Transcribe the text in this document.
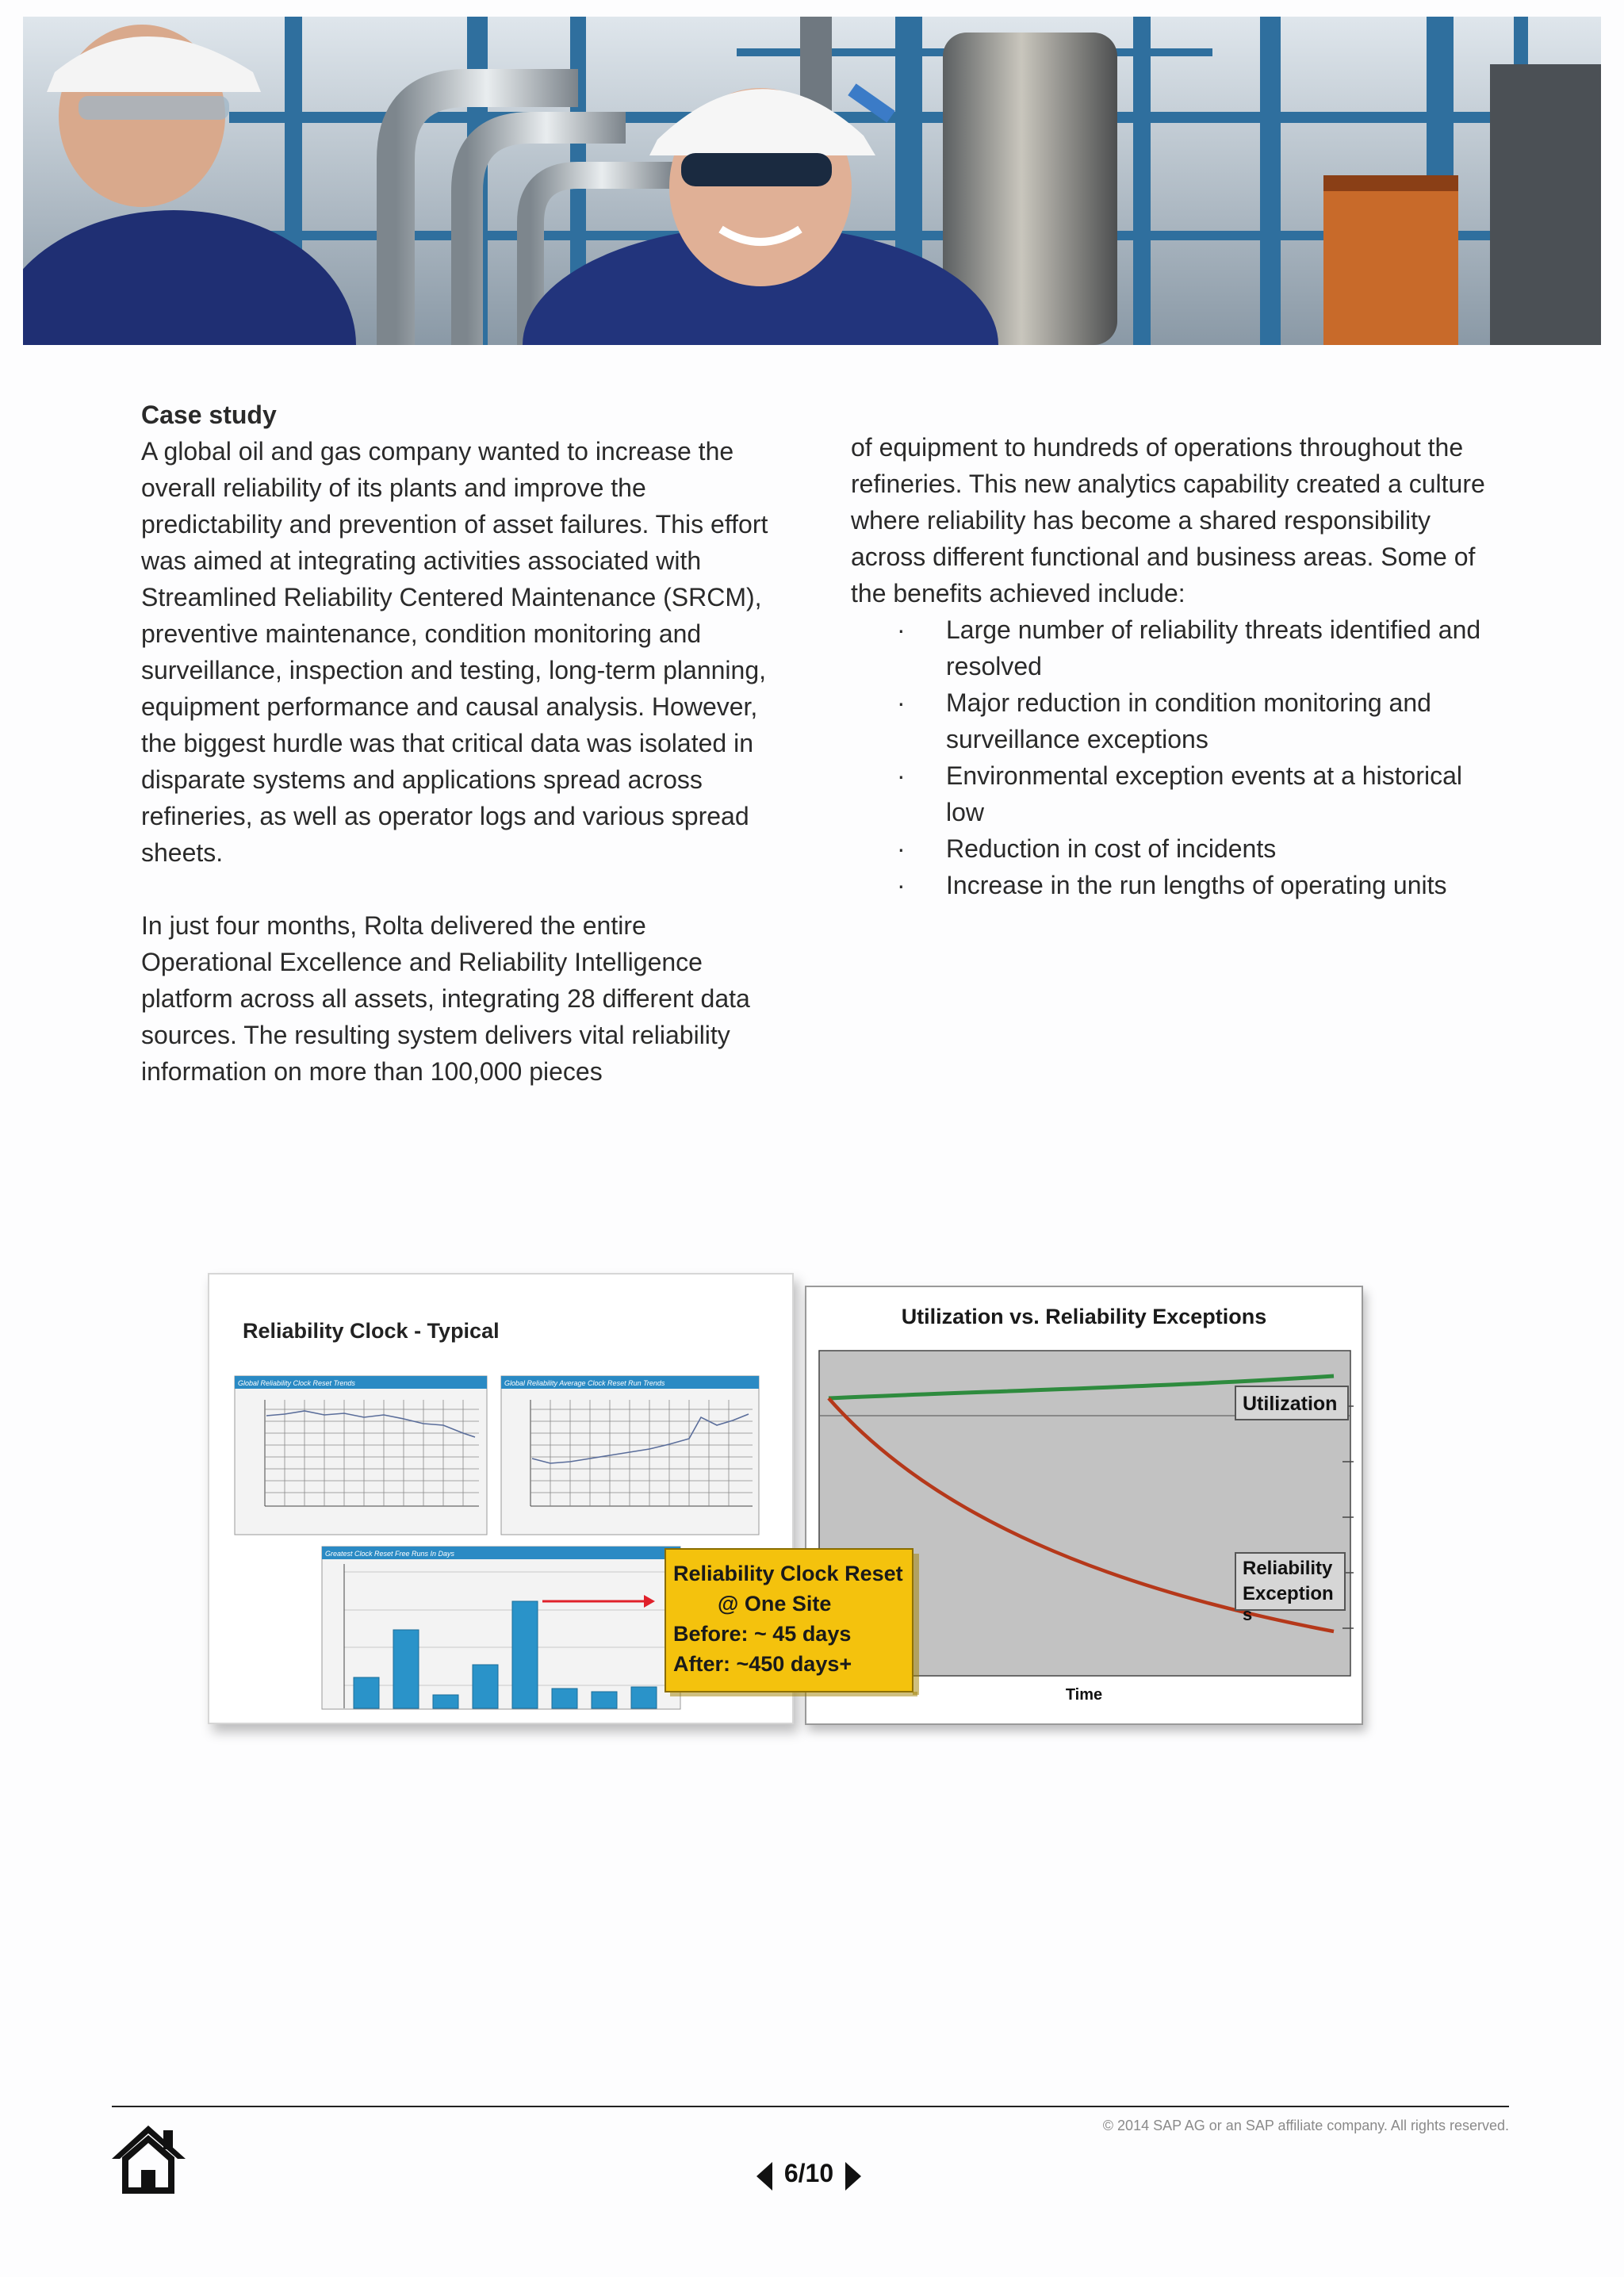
Case study

A global oil and gas company wanted to increase the overall reliability of its plants and improve the predictability and prevention of asset failures. This effort was aimed at integrating activities associated with Streamlined Reliability Centered Maintenance (SRCM), preventive maintenance, condition monitoring and surveillance, inspection and testing, long-term planning, equipment performance and causal analysis. However, the biggest hurdle was that critical data was isolated in disparate systems and applications spread across refineries, as well as operator logs and various spread sheets.

In just four months, Rolta delivered the entire Operational Excellence and Reliability Intelligence platform across all assets, integrating 28 different data sources. The resulting system delivers vital reliability information on more than 100,000 pieces

of equipment to hundreds of operations throughout the refineries. This new analytics capability created a culture where reliability has become a shared responsibility across different functional and business areas. Some of the benefits achieved include:

· Large number of reliability threats identified and resolved
· Major reduction in condition monitoring and surveillance exceptions
· Environmental exception events at a historical low
· Reduction in cost of incidents
· Increase in the run lengths of operating units
Reliability Clock - Typical
Global Reliability Clock Reset Trends	Global Reliability Average Clock Reset Run Trends
Greatest Clock Reset Free Runs In Days
Utilization vs. Reliability Exceptions
Utilization
Reliability
Exception
s
Time
Reliability Clock Reset
@ One Site
Before: ~ 45 days
After: ~450 days+
© 2014 SAP AG or an SAP affiliate company. All rights reserved.
6/10
